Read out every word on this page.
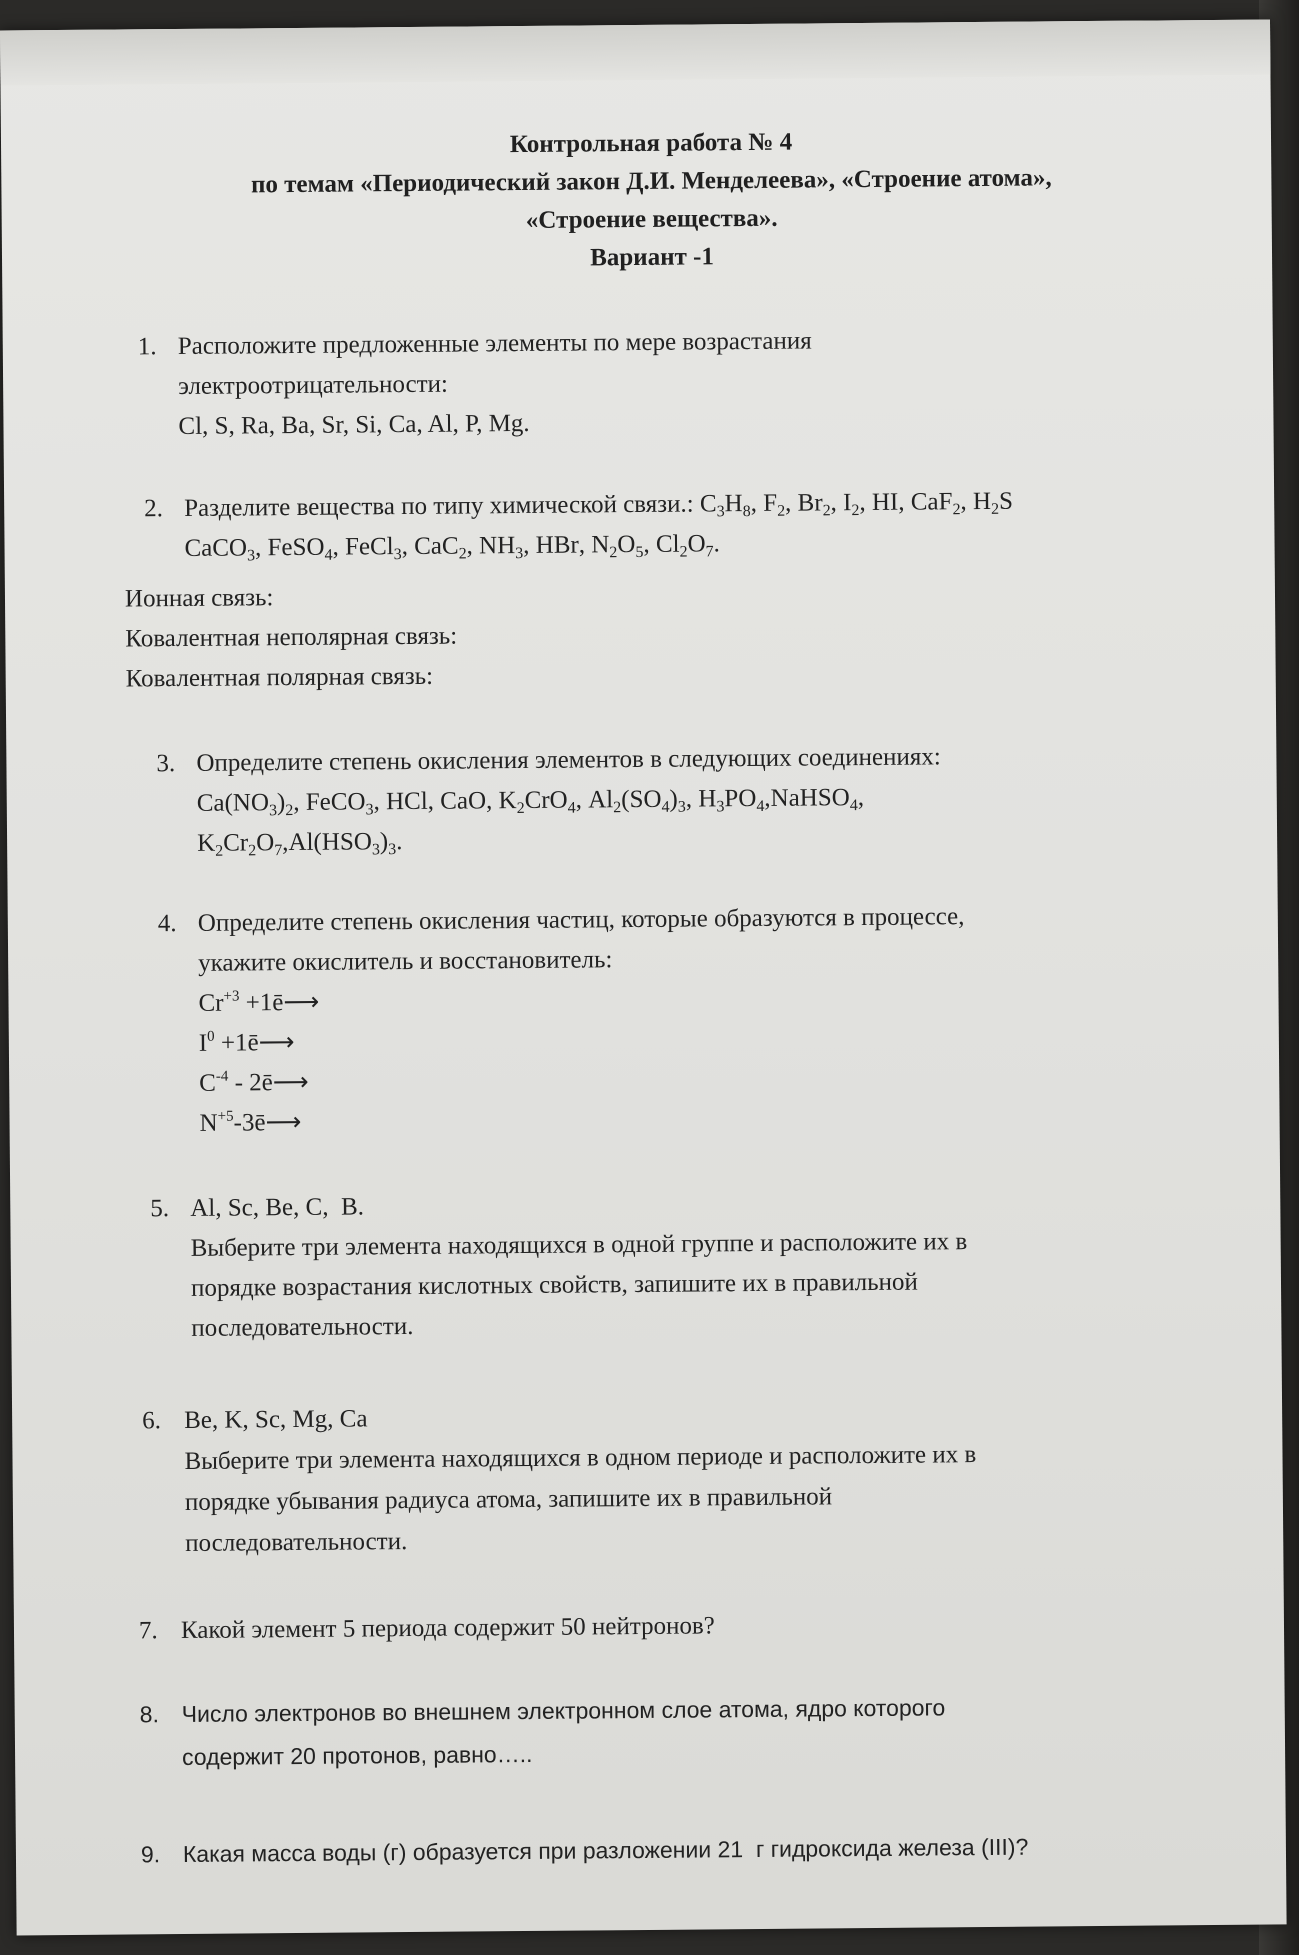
Контрольная работа № 4
по темам «Периодический закон Д.И. Менделеева», «Строение атома»,
«Строение вещества».
Вариант -1
1. Расположите предложенные элементы по мере возрастания
электроотрицательности:
Cl, S, Ra, Ba, Sr, Si, Ca, Al, P, Mg.
2. Разделите вещества по типу химической связи.: $C_3H_8$, $F_2$, $Br_2$, $I_2$, HI, CaF$_2$, $H_2S$
CaCO$_3$, FeSO$_4$, FeCl$_3$, CaC$_2$, $NH_3$, HBr, $N_2O_5$, $Cl_2O_7$.
Ионная связь:
Ковалентная неполярная связь:
Ковалентная полярная связь:
3. Определите степень окисления элементов в следующих соединениях:
$Ca(NO_3)_2$, FeCO$_3$, HCl, CaO, $K_2CrO_4$, $Al_2(SO_4)_3$, $H_3PO_4,NaHSO_4$,
$K_2Cr_2O_7,Al(HSO_3)_3$.
4. Определите степень окисления частиц, которые образуются в процессе,
укажите окислитель и восстановитель:
$Cr^{+3}$ +1ē⟶
$I^0$ +1ē⟶
$C^{-4}$ - 2ē⟶
$N^{+5}-3ē⟶$
5. Al, Sc, Be, C,  B.
Выберите три элемента находящихся в одной группе и расположите их в
порядке возрастания кислотных свойств, запишите их в правильной
последовательности.
6. Be, K, Sc, Mg, Ca
Выберите три элемента находящихся в одном периоде и расположите их в
порядке убывания радиуса атома, запишите их в правильной
последовательности.
7. Какой элемент 5 периода содержит 50 нейтронов?
8. Число электронов во внешнем электронном слое атома, ядро которого
содержит 20 протонов, равно…..
9. Какая масса воды (г) образуется при разложении 21  г гидроксида железа (III)?
